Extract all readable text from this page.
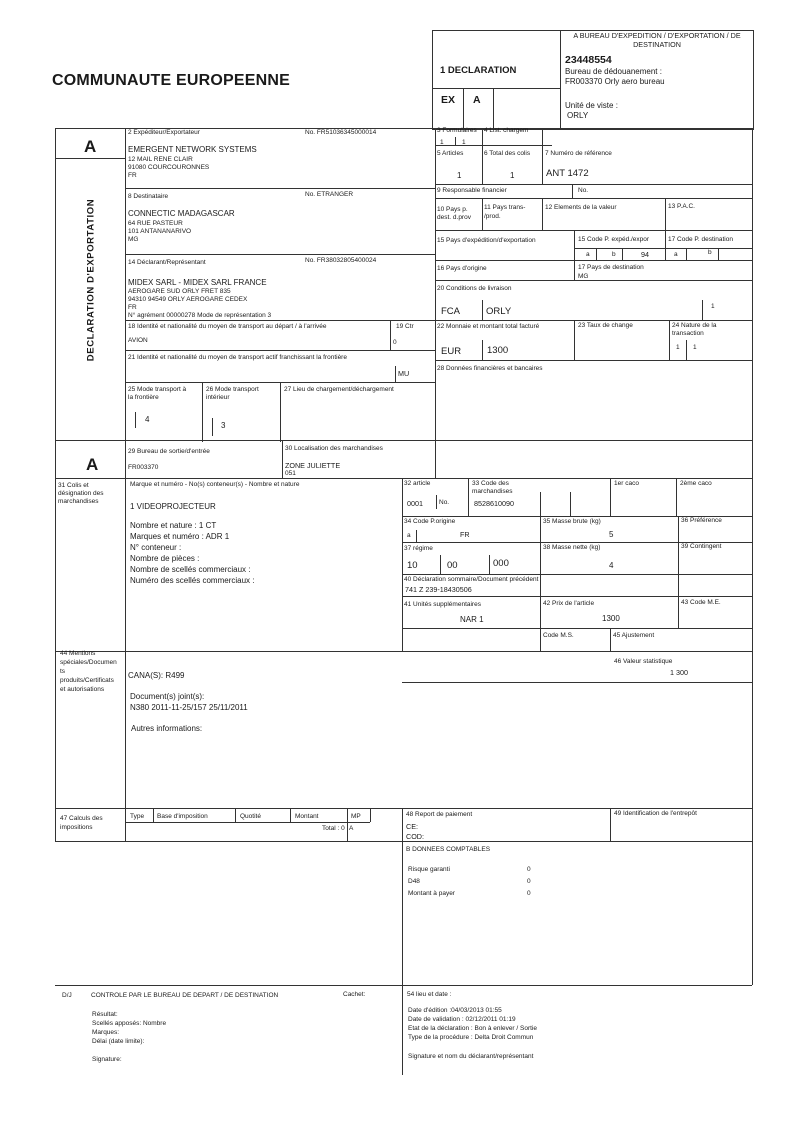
COMMUNAUTE EUROPEENNE
1 DECLARATION
EX A
A BUREAU D'EXPEDITION / D'EXPORTATION / DE DESTINATION
23448554
Bureau de dédouanement :
FR003370 Orly aero bureau
Unité de viste :
ORLY
A
DECLARATION D'EXPORTATION
A
2 Expéditeur/Exportateur	No. FR51036345000014
EMERGENT NETWORK SYSTEMS
12 MAIL RENE CLAIR
91080 COURCOURONNES
FR
8 Destinataire	No. ETRANGER
CONNECTIC MADAGASCAR
64 RUE PASTEUR
101 ANTANANARIVO
MG
14 Déclarant/Représentant	No. FR38032805400024
MIDEX SARL - MIDEX SARL FRANCE
AEROGARE SUD ORLY FRET 835
94310 94549 ORLY AEROGARE CEDEX
FR
N° agrément 00000278 Mode de représentation 3
18 Identité et nationalité du moyen de transport au départ / à l'arrivée
AVION
19 Ctr
0
21 Identité et nationalité du moyen de transport actif franchissant la frontière
MU
25 Mode transport à
la frontière
4
26 Mode transport
intérieur
3
27 Lieu de chargement/déchargement
29 Bureau de sortie/d'entrée
FR003370
30 Localisation des marchandises
ZONE JULIETTE
051
3 Formulaires 4 List. chargem
1	1
5 Articles
1
6 Total des colis
1
7 Numéro de référence
ANT 1472
9 Responsable financier	No.
10 Pays p.
dest. d.prov
11 Pays trans-
/prod.
12 Elements de la valeur	13 P.A.C.
15 Pays d'expédition/d'exportation	15 Code P. expéd./expor
a	b	94
17 Code P. destination
a	b
16 Pays d'origine	17 Pays de destination
MG
20 Conditions de livraison
FCA	ORLY	1
22 Monnaie et montant total facturé
EUR	1300
23 Taux de change	24 Nature de la
transaction
1 1
28 Données financières et bancaires
31 Colis et
désignation des
marchandises
Marque et numéro - No(s) conteneur(s) - Nombre et nature
1 VIDEOPROJECTEUR
Nombre et nature : 1 CT
Marques et numéro : ADR 1
N° conteneur :
Nombre de pièces :
Nombre de scellés commerciaux :
Numéro des scellés commerciaux :
32 article
0001 No.
33 Code des
marchandises
8528610090
1er caco	2ème caco
34 Code P.origine
a	FR
35 Masse brute (kg)
5
36 Préférence
37 régime
10	00	000
38 Masse nette (kg)
4
39 Contingent
40 Déclaration sommaire/Document précédent
741 Z 239-18430506
41 Unités supplémentaires
NAR 1
42 Prix de l'article
1300
43 Code M.E.
Code M.S.	45 Ajustement
44 Mentions
spéciales/Documen
ts
produits/Certificats
et autorisations
CANA(S): R499
Document(s) joint(s):
N380 2011-11-25/157 25/11/2011
Autres informations:
46 Valeur statistique
1 300
47 Calculs des
impositions
Type Base d'imposition	Quotité	Montant	MP
Total : 0 A
48 Report de paiement
CE:
COD:
49 Identification de l'entrepôt
B DONNEES COMPTABLES
Risque garanti	0
D48	0
Montant à payer	0
D/J	CONTROLE PAR LE BUREAU DE DEPART / DE DESTINATION	Cachet:
Résultat:
Scellés apposés: Nombre
Marques:
Délai (date limite):
Signature:
54 lieu et date :
Date d'édition :04/03/2013 01:55
Date de validation : 02/12/2011 01:19
Etat de la déclaration : Bon à enlever / Sortie
Type de la procédure : Delta Droit Commun
Signature et nom du déclarant/représentant
